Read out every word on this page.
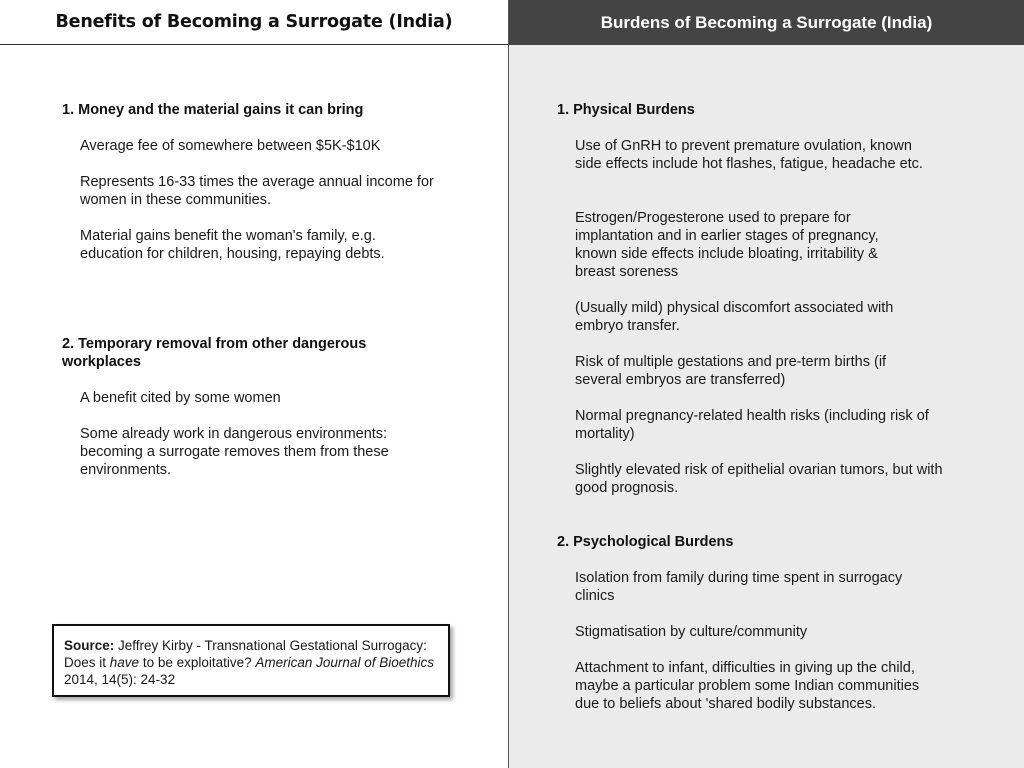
Benefits of Becoming a Surrogate (India)
1. Money and the material gains it can bring
Average fee of somewhere between $5K-$10K
Represents 16-33 times the average annual income for women in these communities.
Material gains benefit the woman's family, e.g. education for children, housing, repaying debts.
2. Temporary removal from other dangerous workplaces
A benefit cited by some women
Some already work in dangerous environments: becoming a surrogate removes them from these environments.
Source: Jeffrey Kirby - Transnational Gestational Surrogacy: Does it have to be exploitative? American Journal of Bioethics 2014, 14(5): 24-32
Burdens of Becoming a Surrogate (India)
1. Physical Burdens
Use of GnRH to prevent premature ovulation, known side effects include hot flashes, fatigue, headache etc.
Estrogen/Progesterone used to prepare for implantation and in earlier stages of pregnancy, known side effects include bloating, irritability & breast soreness
(Usually mild) physical discomfort associated with embryo transfer.
Risk of multiple gestations and pre-term births (if several embryos are transferred)
Normal pregnancy-related health risks (including risk of mortality)
Slightly elevated risk of epithelial ovarian tumors, but with good prognosis.
2. Psychological Burdens
Isolation from family during time spent in surrogacy clinics
Stigmatisation by culture/community
Attachment to infant, difficulties in giving up the child, maybe a particular problem some Indian communities due to beliefs about 'shared bodily substances.
